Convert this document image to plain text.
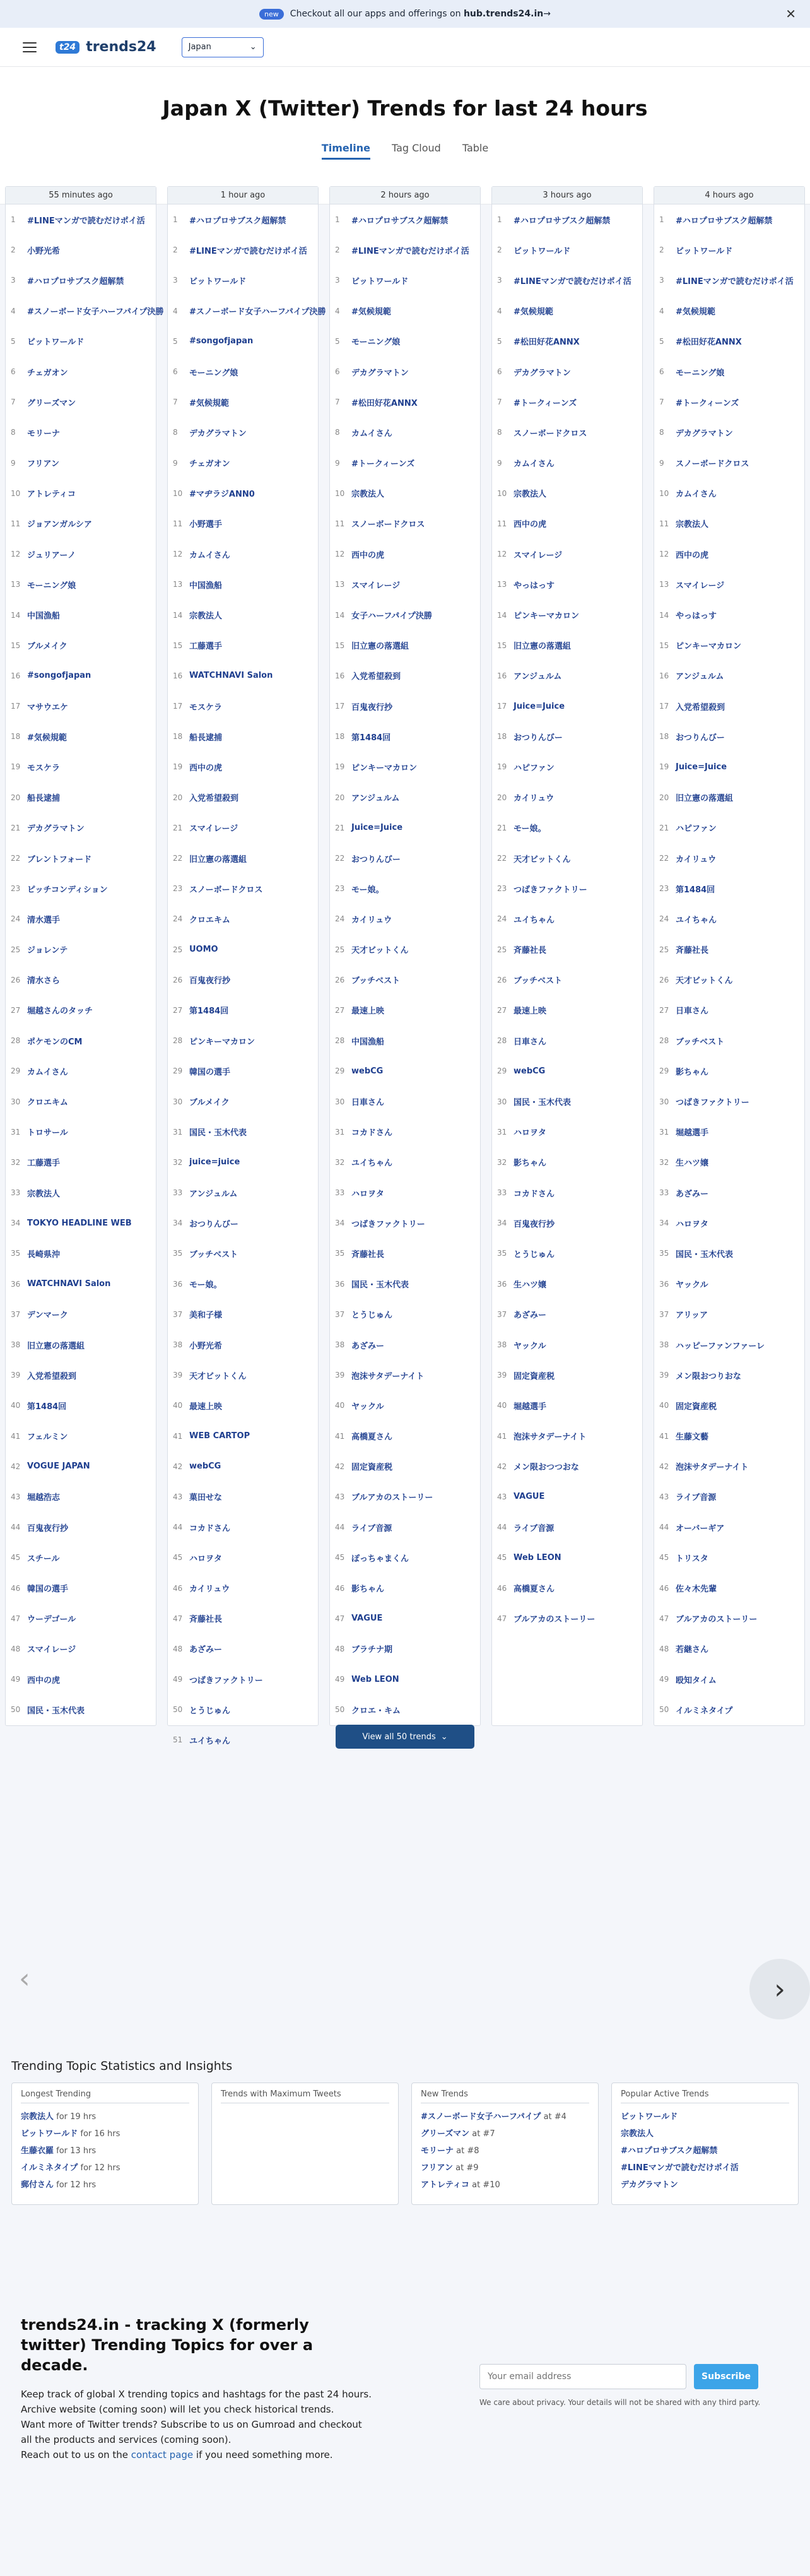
new	Checkout all our apps and offerings on
hub.trends24.in →	✕
t24 trends24	Japan	⌄
Japan X (Twitter) Trends for last 24 hours
Timeline Tag Cloud Table
55 minutes ago
1	#LINEマンガで読むだけポイ活
2	小野光希
3	#ハロプロサブスク超解禁
4	#スノーボード女子ハーフパイプ決勝
5	ビットワールド
6	チェガオン
7	グリーズマン
8	モリーナ
9	フリアン
10 アトレティコ
11 ジョアンガルシア
12 ジュリアーノ
13 モーニング娘
14 中国漁船
15 ブルメイク
16 #songofjapan
17 マサウエケ
18 #気候規範
19 モスケラ
20 船長逮捕
21 デカグラマトン
22 ブレントフォード
23 ピッチコンディション
24 清水選手
25 ジョレンテ
26 清水さら
27 堀越さんのタッチ
28 ポケモンのCM
29 カムイさん
30 クロエキム
31 トロサール
32 工藤選手
33 宗教法人
34 TOKYO HEADLINE WEB
35 長崎県沖
36 WATCHNAVI Salon
37 デンマーク
38 旧立憲の落選組
39 入党希望殺到
40 第1484回
41 フェルミン
42 VOGUE JAPAN
43 堀越浩志
44 百鬼夜行抄
45 スチール
46 韓国の選手
47 ウーデゴール
48 スマイレージ
49 西中の虎
50 国民・玉木代表
1 hour ago
1	#ハロプロサブスク超解禁
2	#LINEマンガで読むだけポイ活
3	ビットワールド
4	#スノーボード女子ハーフパイプ決勝
5	#songofjapan
6	モーニング娘
7	#気候規範
8	デカグラマトン
9	チェガオン
10 #マヂラジANN0
11 小野選手
12 カムイさん
13 中国漁船
14 宗教法人
15 工藤選手
16 WATCHNAVI Salon
17 モスケラ
18 船長逮捕
19 西中の虎
20 入党希望殺到
21 スマイレージ
22 旧立憲の落選組
23 スノーボードクロス
24 クロエキム
25 UOMO
26 百鬼夜行抄
27 第1484回
28 ピンキーマカロン
29 韓国の選手
30 ブルメイク
31 国民・玉木代表
32 juice=juice
33 アンジュルム
34 おつりんびー
35 ブッチベスト
36 モー娘。
37 美和子様
38 小野光希
39 天才ビットくん
40 最速上映
41 WEB CARTOP
42 webCG
43 菓田せな
44 コカドさん
45 ハロヲタ
46 カイリュウ
47 斉藤社長
48 あざみー
49 つばきファクトリー
50 とうじゅん
51 ユイちゃん
2 hours ago
1	#ハロプロサブスク超解禁
2	#LINEマンガで読むだけポイ活
3	ビットワールド
4	#気候規範
5	モーニング娘
6	デカグラマトン
7	#松田好花ANNX
8	カムイさん
9	#トークィーンズ
10 宗教法人
11 スノーボードクロス
12 西中の虎
13 スマイレージ
14 女子ハーフパイプ決勝
15 旧立憲の落選組
16 入党希望殺到
17 百鬼夜行抄
18 第1484回
19 ピンキーマカロン
20 アンジュルム
21 Juice=Juice
22 おつりんびー
23 モー娘。
24 カイリュウ
25 天才ビットくん
26 ブッチベスト
27 最速上映
28 中国漁船
29 webCG
30 日車さん
31 コカドさん
32 ユイちゃん
33 ハロヲタ
34 つばきファクトリー
35 斉藤社長
36 国民・玉木代表
37 とうじゅん
38 あざみー
39 泡沫サタデーナイト
40 ヤックル
41 高橋夏さん
42 固定資産税
43 ブルアカのストーリー
44 ライブ音源
45 ぽっちゃまくん
46 影ちゃん
47 VAGUE
48 ブラチナ期
49 Web LEON
50 クロエ・キム
3 hours ago
1	#ハロプロサブスク超解禁
2	ビットワールド
3	#LINEマンガで読むだけポイ活
4	#気候規範
5	#松田好花ANNX
6	デカグラマトン
7	#トークィーンズ
8	スノーボードクロス
9	カムイさん
10 宗教法人
11 西中の虎
12 スマイレージ
13 やっはっす
14 ピンキーマカロン
15 旧立憲の落選組
16 アンジュルム
17 Juice=Juice
18 おつりんびー
19 ハピファン
20 カイリュウ
21 モー娘。
22 天才ビットくん
23 つばきファクトリー
24 ユイちゃん
25 斉藤社長
26 ブッチベスト
27 最速上映
28 日車さん
29 webCG
30 国民・玉木代表
31 ハロヲタ
32 影ちゃん
33 コカドさん
34 百鬼夜行抄
35 とうじゅん
36 生ハツ嬢
37 あざみー
38 ヤックル
39 固定資産税
40 堀越選手
41 泡沫サタデーナイト
42 メン限おつつおな
43 VAGUE
44 ライブ音源
45 Web LEON
46 高橋夏さん
47 ブルアカのストーリー
4 hours ago
1	#ハロプロサブスク超解禁
2	ビットワールド
3	#LINEマンガで読むだけポイ活
4	#気候規範
5	#松田好花ANNX
6	モーニング娘
7	#トークィーンズ
8	デカグラマトン
9	スノーボードクロス
10 カムイさん
11 宗教法人
12 西中の虎
13 スマイレージ
14 やっはっす
15 ピンキーマカロン
16 アンジュルム
17 入党希望殺到
18 おつりんびー
19 Juice=Juice
20 旧立憲の落選組
21 ハピファン
22 カイリュウ
23 第1484回
24 ユイちゃん
25 斉藤社長
26 天才ビットくん
27 日車さん
28 ブッチベスト
29 影ちゃん
30 つばきファクトリー
31 堀越選手
32 生ハツ嬢
33 あざみー
34 ハロヲタ
35 国民・玉木代表
36 ヤックル
37 アリッア
38 ハッピーファンファーレ
39 メン限おつりおな
40 固定資産税
41 生藤文藝
42 泡沫サタデーナイト
43 ライブ音源
44 オーバーギア
45 トリスタ
46 佐々木先輩
47 ブルアカのストーリー
48 若継さん
49 殴知タイム
50 イルミネタイプ
View all 50 trends ⌄
‹	›
Trending Topic Statistics and Insights
Longest Trending
宗教法人 for 19 hrs
ビットワールド for 16 hrs
生藤衣羅 for 13 hrs
イルミネタイプ for 12 hrs
郵付さん for 12 hrs
Trends with Maximum Tweets	New Trends
#スノーボード女子ハーフパイプ at #4
グリーズマン at #7
モリーナ at #8
フリアン at #9
アトレティコ at #10
Popular Active Trends
ビットワールド
宗教法人
#ハロプロサブスク超解禁
#LINEマンガで読むだけポイ活
デカグラマトン
trends24.in - tracking X (formerly twitter) Trending Topics for over a decade.

Keep track of global X trending topics and hashtags for the past 24 hours.
Archive website (coming soon) will let you check historical trends.
Want more of Twitter trends? Subscribe to us on Gumroad and checkout all the products and services (coming soon).
Reach out to us on the contact page if you need something more.

Your email address
Subscribe
We care about privacy. Your details will not be shared with any third party.
